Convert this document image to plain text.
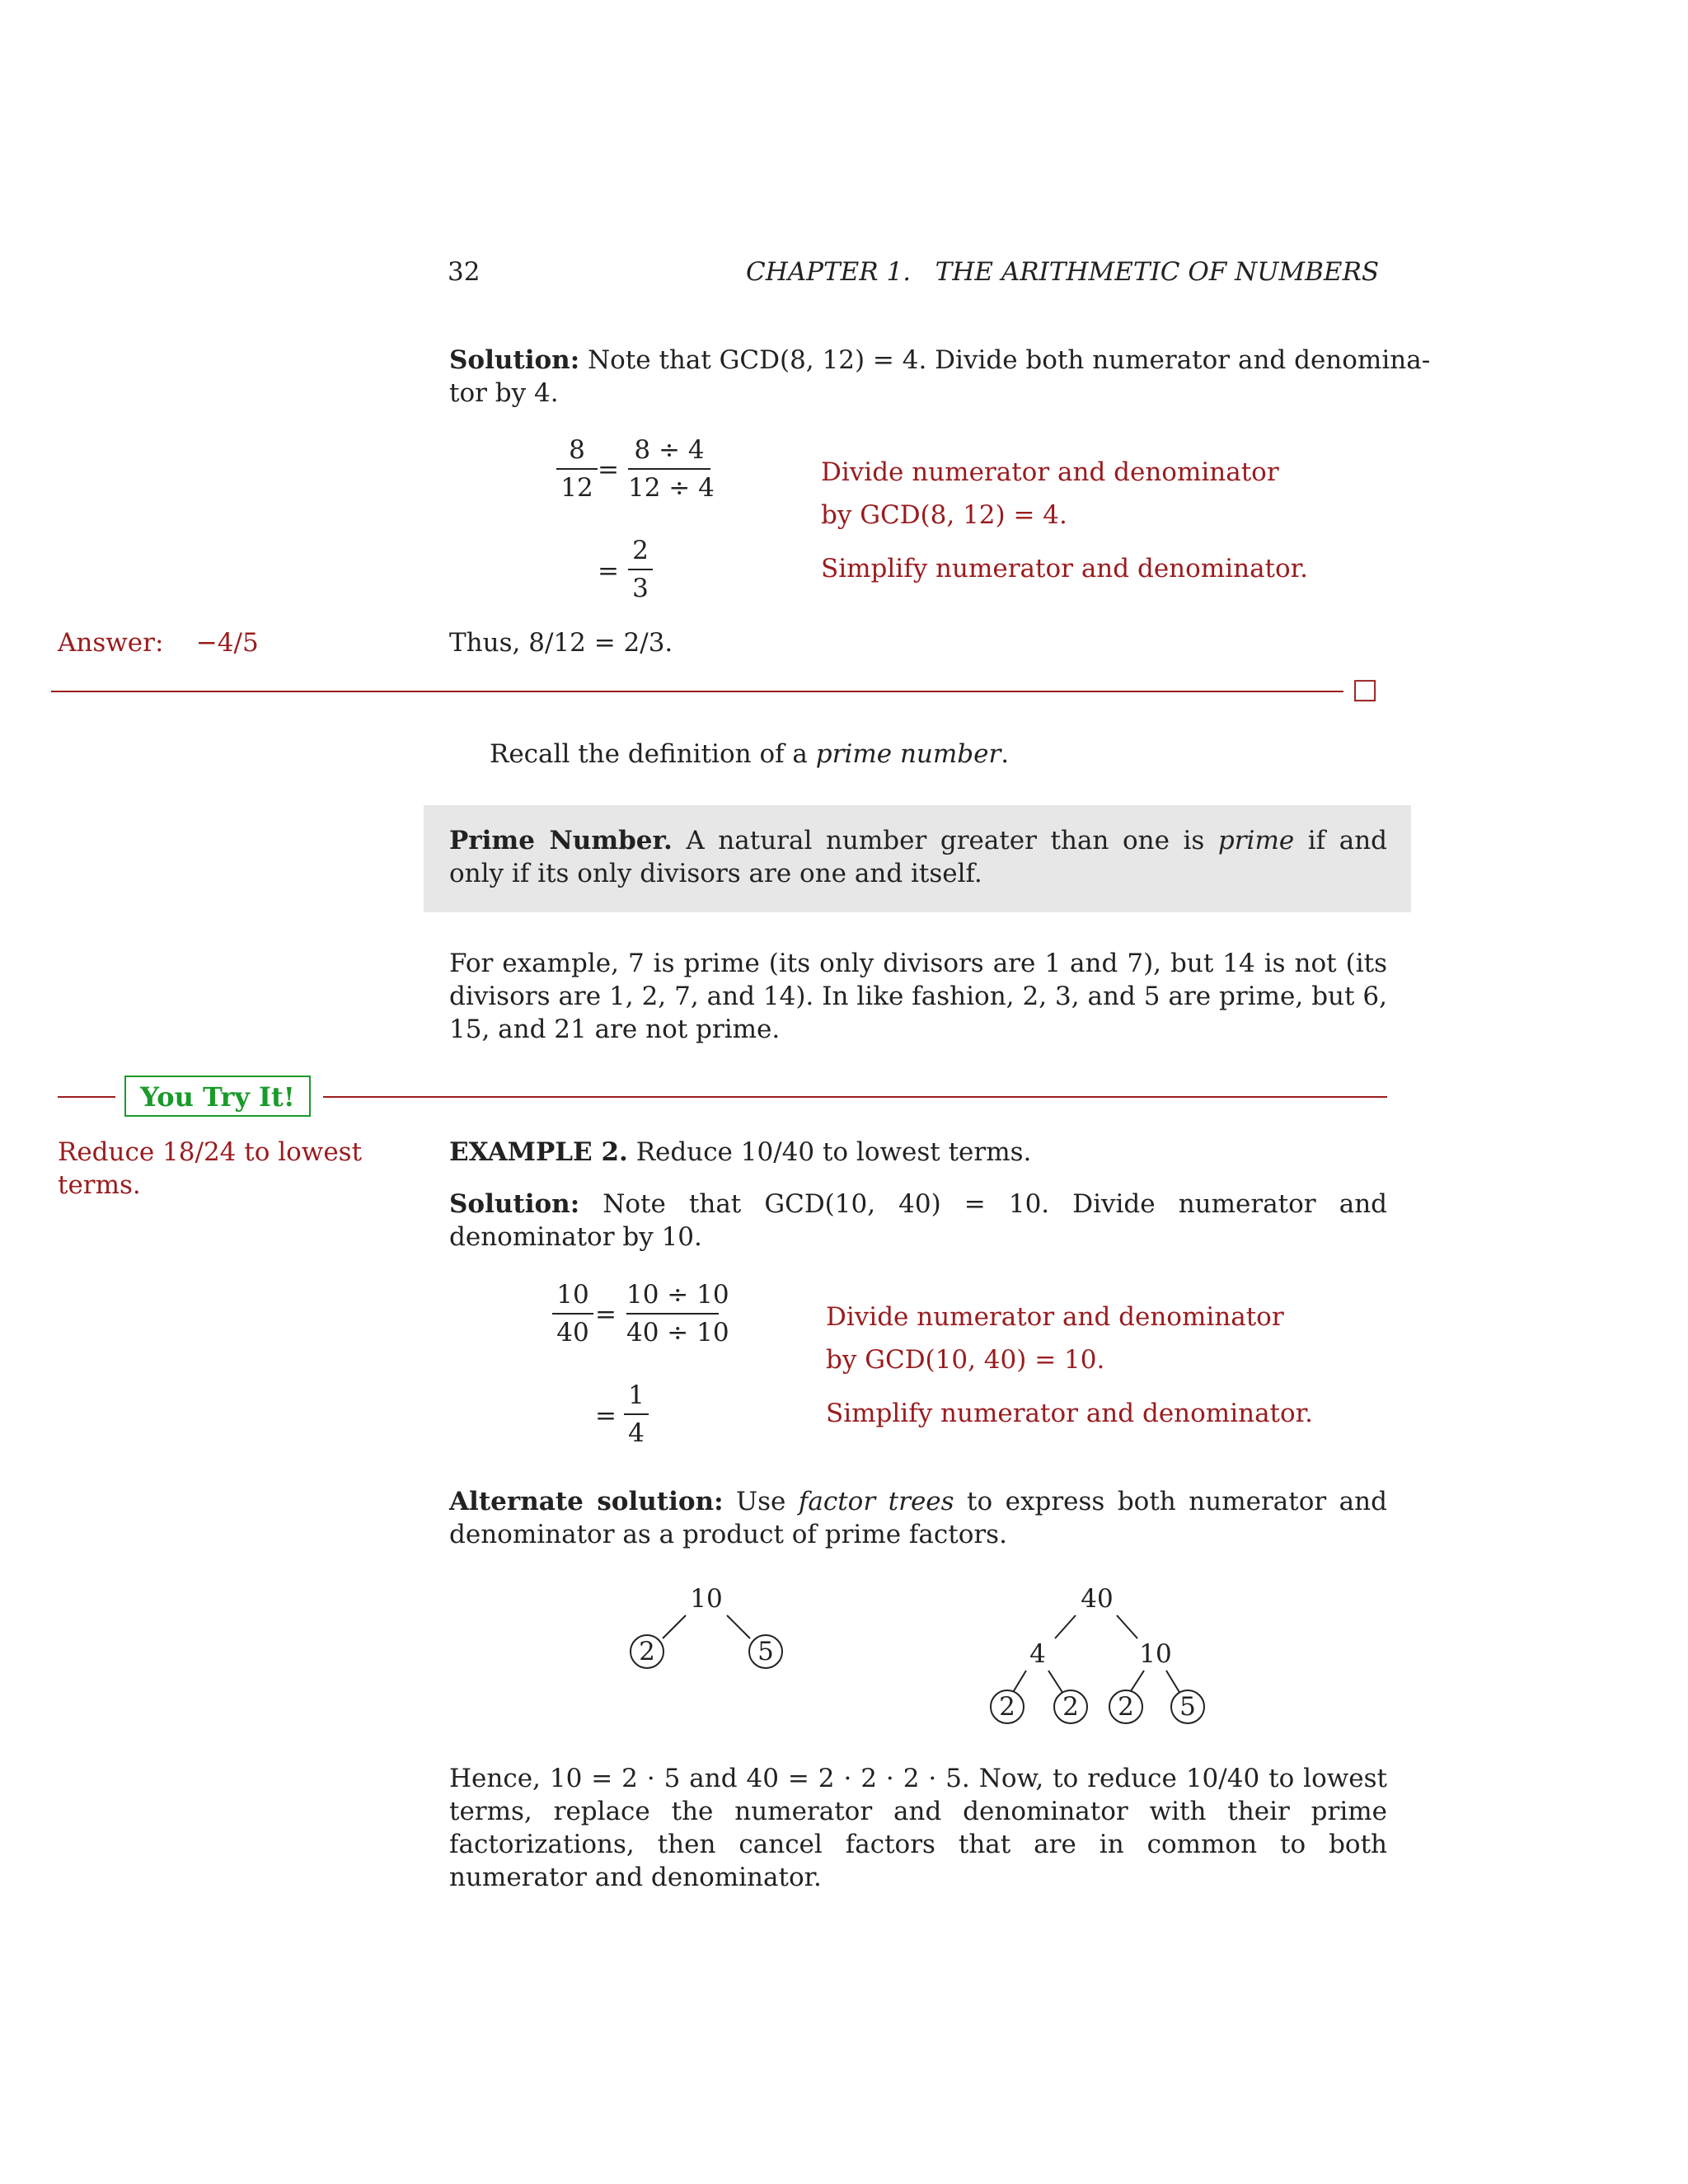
32	CHAPTER 1.   THE ARITHMETIC OF NUMBERS
Solution: Note that GCD(8, 12) = 4. Divide both numerator and denomina-
tor by 4.
8
12
=
8 ÷ 4
12 ÷ 4
=
2
3
Divide numerator and denominator
by GCD(8, 12) = 4.
Simplify numerator and denominator.
Thus, 8/12 = 2/3.
Answer: −4/5
□
Recall the definition of a prime number.
Prime Number. A natural number greater than one is prime if and only if its only divisors are one and itself.
For example, 7 is prime (its only divisors are 1 and 7), but 14 is not (its divisors are 1, 2, 7, and 14). In like fashion, 2, 3, and 5 are prime, but 6, 15, and 21 are not prime.
You Try It!
Reduce 18/24 to lowest terms.
EXAMPLE 2. Reduce 10/40 to lowest terms.
Solution: Note that GCD(10, 40) = 10. Divide numerator and denominator by 10.
10
40
=
10 ÷ 10
40 ÷ 10
=
1
4
Divide numerator and denominator
by GCD(10, 40) = 10.
Simplify numerator and denominator.
Alternate solution: Use factor trees to express both numerator and denominator as a product of prime factors.
10
2	5
40
4	10
2	2	2	5
Hence, 10 = 2 · 5 and 40 = 2 · 2 · 2 · 5. Now, to reduce 10/40 to lowest terms, replace the numerator and denominator with their prime factorizations, then cancel factors that are in common to both numerator and denominator.
